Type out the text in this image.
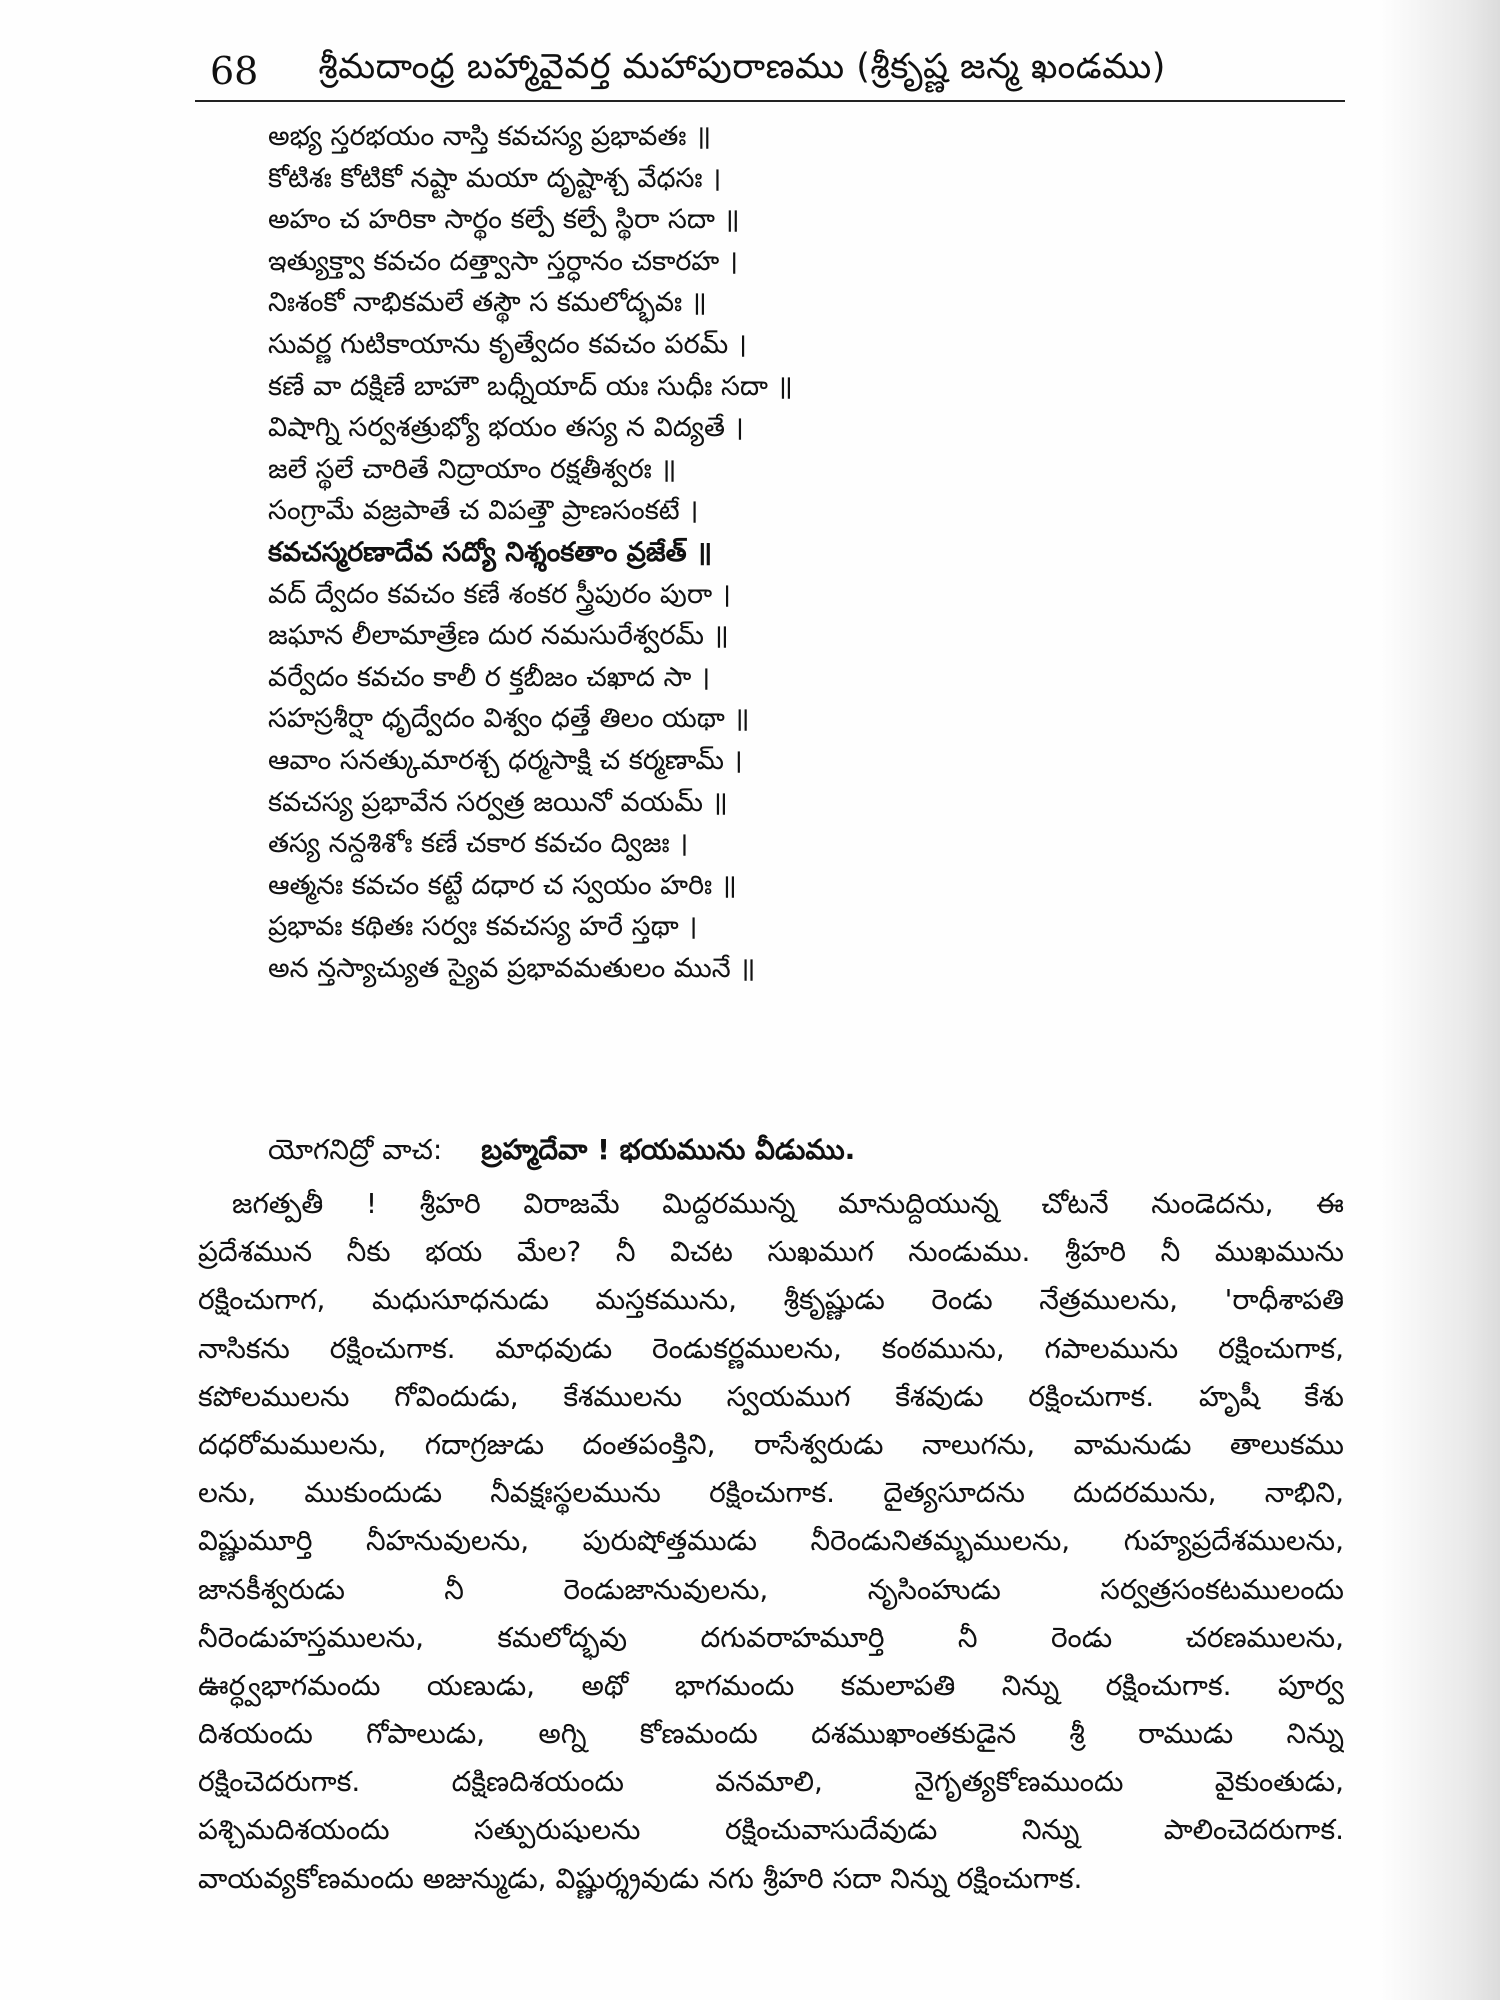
68 శ్రీమదాంధ్ర బహ్మావైవర్త మహాపురాణము (శ్రీకృష్ణ జన్మ ఖండము)
అభ్య స్తరభయం నాస్తి కవచస్య ప్రభావతః ॥
కోటిశః కోటికో నష్టా మయా దృష్టాశ్చ వేధసః ।
అహం చ హరికా సార్థం కల్పే కల్పే స్థిరా సదా ॥
ఇత్యుక్త్వా కవచం దత్త్వాసా స్తర్ధానం చకారహ ।
నిఃశంకో నాభికమలే తస్థౌ స కమలోద్భవః ॥
సువర్ణ గుటికాయాను కృత్వేదం కవచం పరమ్ ।
కణే వా దక్షిణే బాహౌ బధ్నీయాద్ యః సుధీః సదా ॥
విషాగ్ని సర్వశత్రుభ్యో భయం తస్య న విద్యతే ।
జలే స్థలే చారితే నిద్రాయాం రక్షతీశ్వరః ॥
సంగ్రామే వజ్రపాతే చ విపత్తౌ ప్రాణసంకటే ।
కవచస్మరణాదేవ సద్యో నిశ్శంకతాం వ్రజేత్ ॥
వద్ ద్వేదం కవచం కణే శంకర స్త్రీపురం పురా ।
జఘాన లీలామాత్రేణ దుర నమసురేశ్వరమ్ ॥
వర్వేదం కవచం కాలీ ర క్తబీజం చఖాద సా ।
సహస్రశీర్షా ధృద్వేదం విశ్వం ధత్తే తిలం యథా ॥
ఆవాం సనత్కుమారశ్చ ధర్మసాక్షి చ కర్మణామ్ ।
కవచస్య ప్రభావేన సర్వత్ర జయినో వయమ్ ॥
తస్య నన్దశిశోః కణే చకార కవచం ద్విజః ।
ఆత్మనః కవచం కట్టే దధార చ స్వయం హరిః ॥
ప్రభావః కథితః సర్వః కవచస్య హరే స్తథా ।
అన న్తస్యాచ్యుత స్యైవ ప్రభావమతులం మునే ॥
యోగనిద్రో వాచ: బ్రహ్మదేవా ! భయమును వీడుము.
జగత్పతీ ! శ్రీహరి విరాజమే మిద్దరమున్న మానుద్దియున్న చోటనే నుండెదను, ఈ
ప్రదేశమున నీకు భయ మేల? నీ విచట సుఖముగ నుండుము. శ్రీహరి నీ ముఖమును
రక్షించుగాగ, మధుసూధనుడు మస్తకమును, శ్రీకృష్ణుడు రెండు నేత్రములను, 'రాధీశాపతి
నాసికను రక్షించుగాక. మాధవుడు రెండుకర్ణములను, కంఠమును, గపాలమును రక్షించుగాక,
కపోలములను గోవిందుడు, కేశములను స్వయముగ కేశవుడు రక్షించుగాక. హృషీ కేశు
దధరోమములను, గదాగ్రజుడు దంతపంక్తిని, రాసేశ్వరుడు నాలుగను, వామనుడు తాలుకము
లను, ముకుందుడు నీవక్షఃస్థలమును రక్షించుగాక. దైత్యసూదను దుదరమును, నాభిని,
విష్ణుమూర్తి నీహనువులను, పురుషోత్తముడు నీరెండునితమ్భములను, గుహ్యప్రదేశములను,
జానకీశ్వరుడు నీ రెండుజానువులను, నృసింహుడు సర్వత్రసంకటములందు
నీరెండుహస్తములను, కమలోద్భవు దగువరాహమూర్తి నీ రెండు చరణములను,
ఊర్ధ్వభాగమందు యణుడు, అథో భాగమందు కమలాపతి నిన్ను రక్షించుగాక. పూర్వ
దిశయందు గోపాలుడు, అగ్ని కోణమందు దశముఖాంతకుడైన శ్రీ రాముడు నిన్ను
రక్షించెదరుగాక. దక్షిణదిశయందు వనమాలి, నైగృత్యకోణముందు వైకుంతుడు,
పశ్చిమదిశయందు సత్పురుషులను రక్షించువాసుదేవుడు నిన్ను పాలించెదరుగాక.
వాయవ్యకోణమందు అజున్ముడు, విష్ణుర్శ్రవుడు నగు శ్రీహరి సదా నిన్ను రక్షించుగాక.
